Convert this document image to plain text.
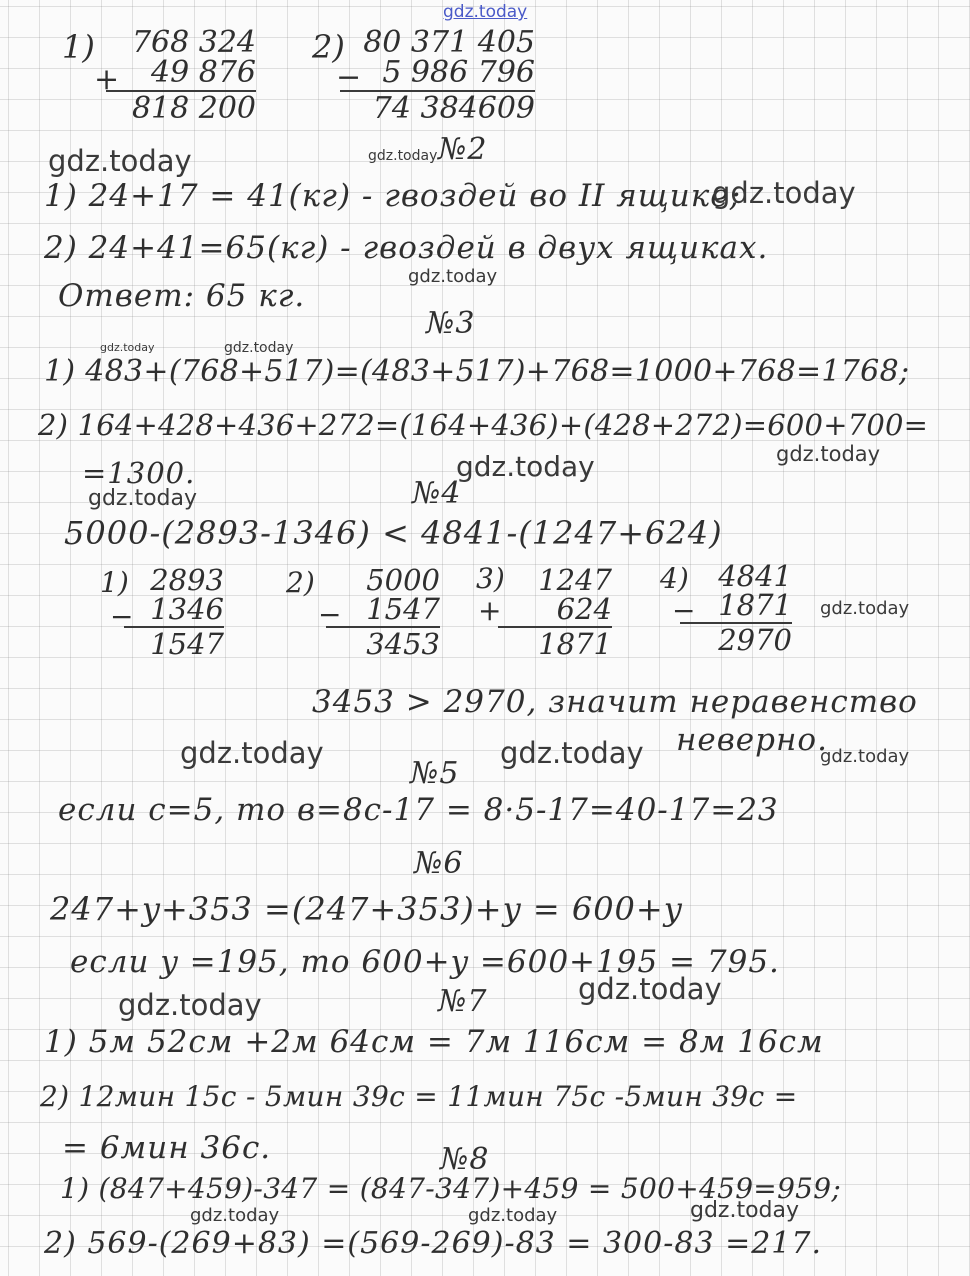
gdz.today
1)
+
768 324
49 876
818 200
2)
−
80 371 405
5 986 796
74 384609
gdz.today	gdz.today №2
1) 24+17 = 41(кг) - гвоздей во II ящике;
gdz.today
2) 24+41=65(кг) - гвоздей в двух ящиках.
gdz.today
Ответ: 65 кг.
№3
gdz.today	gdz.today
1) 483+(768+517)=(483+517)+768=1000+768=1768;
2) 164+428+436+272=(164+436)+(428+272)=600+700=
gdz.today
=1300.	gdz.today
gdz.today	№4
5000-(2893-1346) < 4841-(1247+624)
1)
−
2893
1346
1547
2)
−
5000
1547
3453
3)
+
1247
624
1871
4)
−
4841
1871
2970
gdz.today
3453 > 2970, значит неравенство
неверно.
gdz.today	gdz.today	gdz.today
№5
если c=5, то в=8c-17 = 8·5-17=40-17=23
№6
247+y+353 =(247+353)+y = 600+y
если y =195, то 600+y =600+195 = 795.
gdz.today	№7	gdz.today
1) 5м 52см +2м 64см = 7м 116см = 8м 16см
2) 12мин 15с - 5мин 39с = 11мин 75с -5мин 39с =
= 6мин 36с.	№8
1) (847+459)-347 = (847-347)+459 = 500+459=959;
gdz.today	gdz.today	gdz.today
2) 569-(269+83) =(569-269)-83 = 300-83 =217.
